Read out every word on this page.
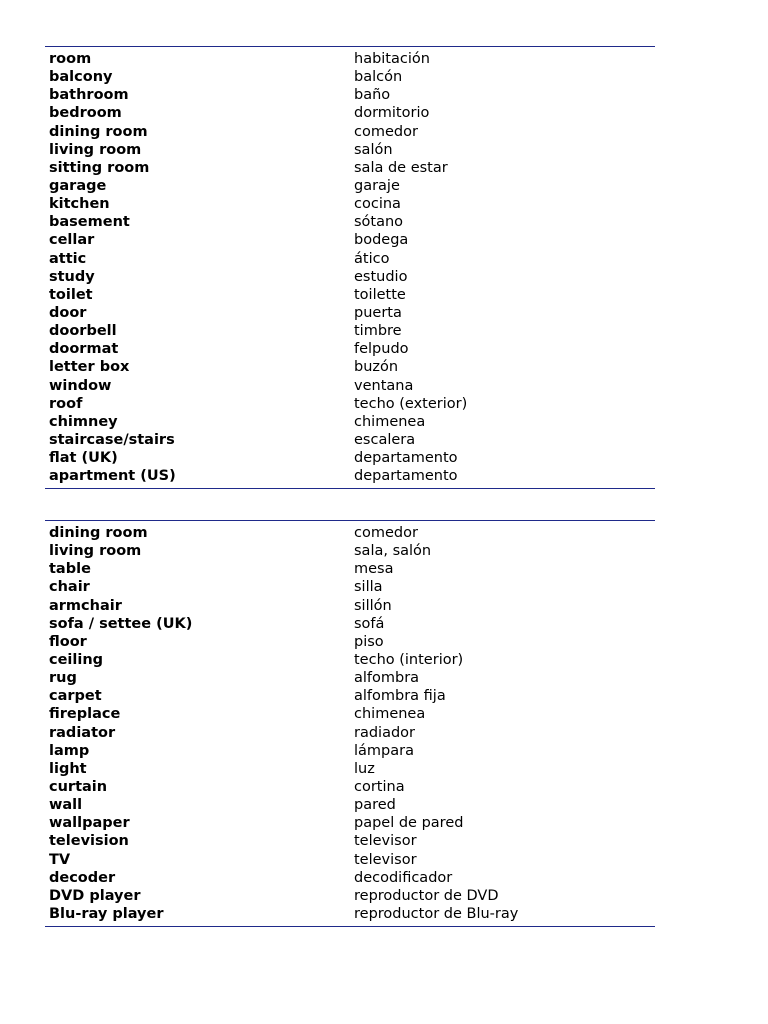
room	habitación
balcony	balcón
bathroom	baño
bedroom	dormitorio
dining room	comedor
living room	salón
sitting room	sala de estar
garage	garaje
kitchen	cocina
basement	sótano
cellar	bodega
attic	ático
study	estudio
toilet	toilette
door	puerta
doorbell	timbre
doormat	felpudo
letter box	buzón
window	ventana
roof	techo (exterior)
chimney	chimenea
staircase/stairs	escalera
flat (UK)	departamento
apartment (US)	departamento
dining room	comedor
living room	sala, salón
table	mesa
chair	silla
armchair	sillón
sofa / settee (UK)	sofá
floor	piso
ceiling	techo (interior)
rug	alfombra
carpet	alfombra fija
fireplace	chimenea
radiator	radiador
lamp	lámpara
light	luz
curtain	cortina
wall	pared
wallpaper	papel de pared
television	televisor
TV	televisor
decoder	decodificador
DVD player	reproductor de DVD
Blu-ray player	reproductor de Blu-ray
